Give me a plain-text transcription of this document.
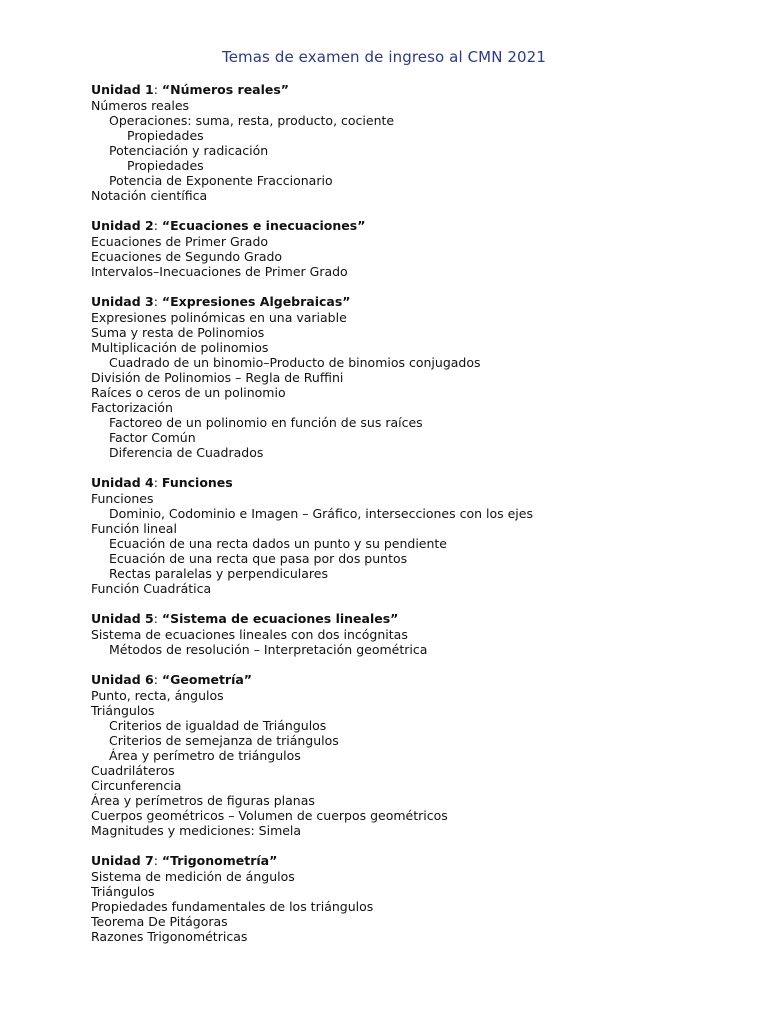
Temas de examen de ingreso al CMN 2021
Unidad 1: “Números reales”
Números reales
Operaciones: suma, resta, producto, cociente
Propiedades
Potenciación y radicación
Propiedades
Potencia de Exponente Fraccionario
Notación científica
Unidad 2: “Ecuaciones e inecuaciones”
Ecuaciones de Primer Grado
Ecuaciones de Segundo Grado
Intervalos–Inecuaciones de Primer Grado
Unidad 3: “Expresiones Algebraicas”
Expresiones polinómicas en una variable
Suma y resta de Polinomios
Multiplicación de polinomios
Cuadrado de un binomio–Producto de binomios conjugados
División de Polinomios – Regla de Ruffini
Raíces o ceros de un polinomio
Factorización
Factoreo de un polinomio en función de sus raíces
Factor Común
Diferencia de Cuadrados
Unidad 4: Funciones
Funciones
Dominio, Codominio e Imagen – Gráfico, intersecciones con los ejes
Función lineal
Ecuación de una recta dados un punto y su pendiente
Ecuación de una recta que pasa por dos puntos
Rectas paralelas y perpendiculares
Función Cuadrática
Unidad 5: “Sistema de ecuaciones lineales”
Sistema de ecuaciones lineales con dos incógnitas
Métodos de resolución – Interpretación geométrica
Unidad 6: “Geometría”
Punto, recta, ángulos
Triángulos
Criterios de igualdad de Triángulos
Criterios de semejanza de triángulos
Área y perímetro de triángulos
Cuadriláteros
Circunferencia
Área y perímetros de figuras planas
Cuerpos geométricos – Volumen de cuerpos geométricos
Magnitudes y mediciones: Simela
Unidad 7: “Trigonometría”
Sistema de medición de ángulos
Triángulos
Propiedades fundamentales de los triángulos
Teorema De Pitágoras
Razones Trigonométricas
